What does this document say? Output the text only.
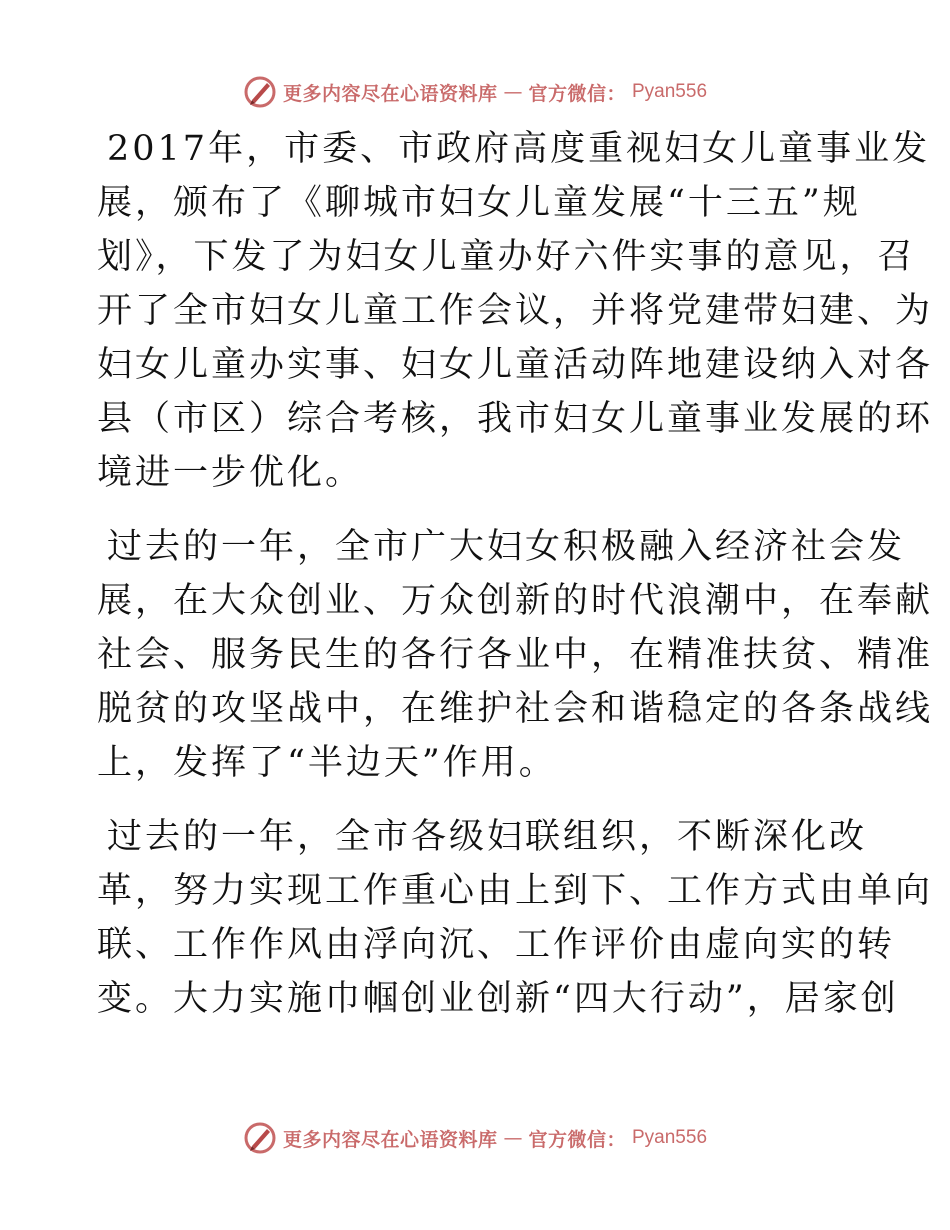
更多内容尽在心语资料库 — 官方微信： Pyan556
2017年，市委、市政府高度重视妇女儿童事业发
展，颁布了《聊城市妇女儿童发展“十三五”规
划》，下发了为妇女儿童办好六件实事的意见，召
开了全市妇女儿童工作会议，并将党建带妇建、为
妇女儿童办实事、妇女儿童活动阵地建设纳入对各
县（市区）综合考核，我市妇女儿童事业发展的环
境进一步优化。
过去的一年，全市广大妇女积极融入经济社会发
展，在大众创业、万众创新的时代浪潮中，在奉献
社会、服务民生的各行各业中，在精准扶贫、精准
脱贫的攻坚战中，在维护社会和谐稳定的各条战线
上，发挥了“半边天”作用。
过去的一年，全市各级妇联组织，不断深化改
革，努力实现工作重心由上到下、工作方式由单向
联、工作作风由浮向沉、工作评价由虚向实的转
变。大力实施巾帼创业创新“四大行动”，居家创
更多内容尽在心语资料库 — 官方微信： Pyan556
